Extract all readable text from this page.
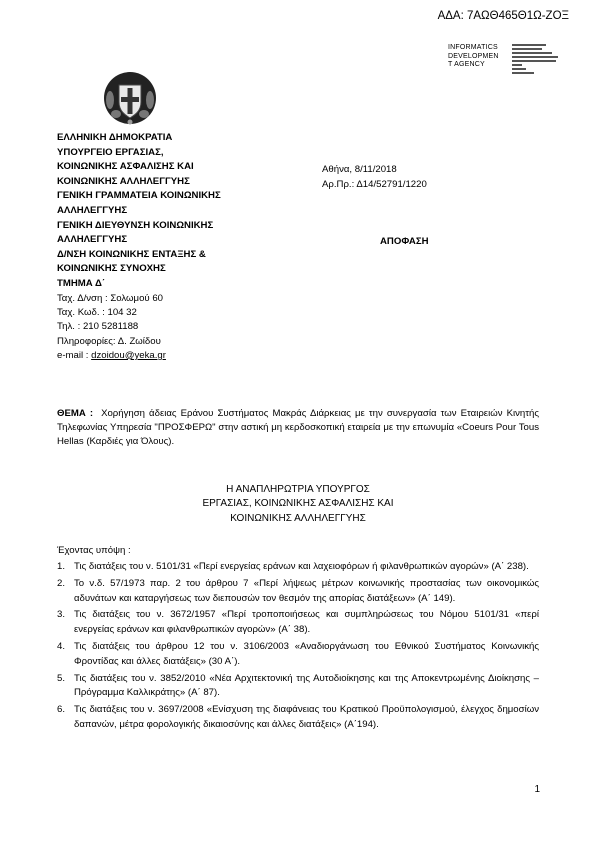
ΑΔΑ: 7ΑΩΘ465Θ1Ω-ΖΟΞ
INFORMATICS
DEVELOPMEN
T AGENCY
ΕΛΛΗΝΙΚΗ ΔΗΜΟΚΡΑΤΙΑ
ΥΠΟΥΡΓΕΙΟ ΕΡΓΑΣΙΑΣ,
ΚΟΙΝΩΝΙΚΗΣ ΑΣΦΑΛΙΣΗΣ ΚΑΙ
ΚΟΙΝΩΝΙΚΗΣ ΑΛΛΗΛΕΓΓΥΗΣ
ΓΕΝΙΚΗ ΓΡΑΜΜΑΤΕΙΑ ΚΟΙΝΩΝΙΚΗΣ
ΑΛΛΗΛΕΓΓΥΗΣ
ΓΕΝΙΚΗ ΔΙΕΥΘΥΝΣΗ ΚΟΙΝΩΝΙΚΗΣ
ΑΛΛΗΛΕΓΓΥΗΣ
Δ/ΝΣΗ ΚΟΙΝΩΝΙΚΗΣ ΕΝΤΑΞΗΣ &
ΚΟΙΝΩΝΙΚΗΣ ΣΥΝΟΧΗΣ
ΤΜΗΜΑ Δ΄
Αθήνα, 8/11/2018
Αρ.Πρ.: Δ14/52791/1220
ΑΠΟΦΑΣΗ
Ταχ. Δ/νση : Σολωμού 60
Ταχ. Κωδ. : 104 32
Τηλ. : 210 5281188
Πληροφορίες: Δ. Ζωίδου
e-mail : dzoidou@yeka.gr
ΘΕΜΑ : Χορήγηση άδειας Εράνου Συστήματος Μακράς Διάρκειας με την συνεργασία των Εταιρειών Κινητής Τηλεφωνίας Υπηρεσία "ΠΡΟΣΦΕΡΩ" στην αστική μη κερδοσκοπική εταιρεία με την επωνυμία «Coeurs Pour Tous Hellas (Καρδιές για Όλους).
Η ΑΝΑΠΛΗΡΩΤΡΙΑ ΥΠΟΥΡΓΟΣ
ΕΡΓΑΣΙΑΣ, ΚΟΙΝΩΝΙΚΗΣ ΑΣΦΑΛΙΣΗΣ ΚΑΙ
ΚΟΙΝΩΝΙΚΗΣ ΑΛΛΗΛΕΓΓΥΗΣ
Έχοντας υπόψη :
1. Τις διατάξεις του ν. 5101/31 «Περί ενεργείας εράνων και λαχειοφόρων ή φιλανθρωπικών αγορών» (Α΄ 238).
2. Το ν.δ. 57/1973 παρ. 2 του άρθρου 7 «Περί λήψεως μέτρων κοινωνικής προστασίας των οικονομικώς αδυνάτων και καταργήσεως των διεπουσών τον θεσμόν της απορίας διατάξεων» (Α΄ 149).
3. Τις διατάξεις του ν. 3672/1957 «Περί τροποποιήσεως και συμπληρώσεως του Νόμου 5101/31 «περί ενεργείας εράνων και φιλανθρωπικών αγορών» (Α΄ 38).
4. Τις διατάξεις του άρθρου 12 του ν. 3106/2003 «Αναδιοργάνωση του Εθνικού Συστήματος Κοινωνικής Φροντίδας και άλλες διατάξεις» (30 Α΄).
5. Τις διατάξεις του ν. 3852/2010 «Νέα Αρχιτεκτονική της Αυτοδιοίκησης και της Αποκεντρωμένης Διοίκησης – Πρόγραμμα Καλλικράτης» (Α΄ 87).
6. Τις διατάξεις του ν. 3697/2008 «Ενίσχυση της διαφάνειας του Κρατικού Προϋπολογισμού, έλεγχος δημοσίων δαπανών, μέτρα φορολογικής δικαιοσύνης και άλλες διατάξεις» (Α΄194).
1
